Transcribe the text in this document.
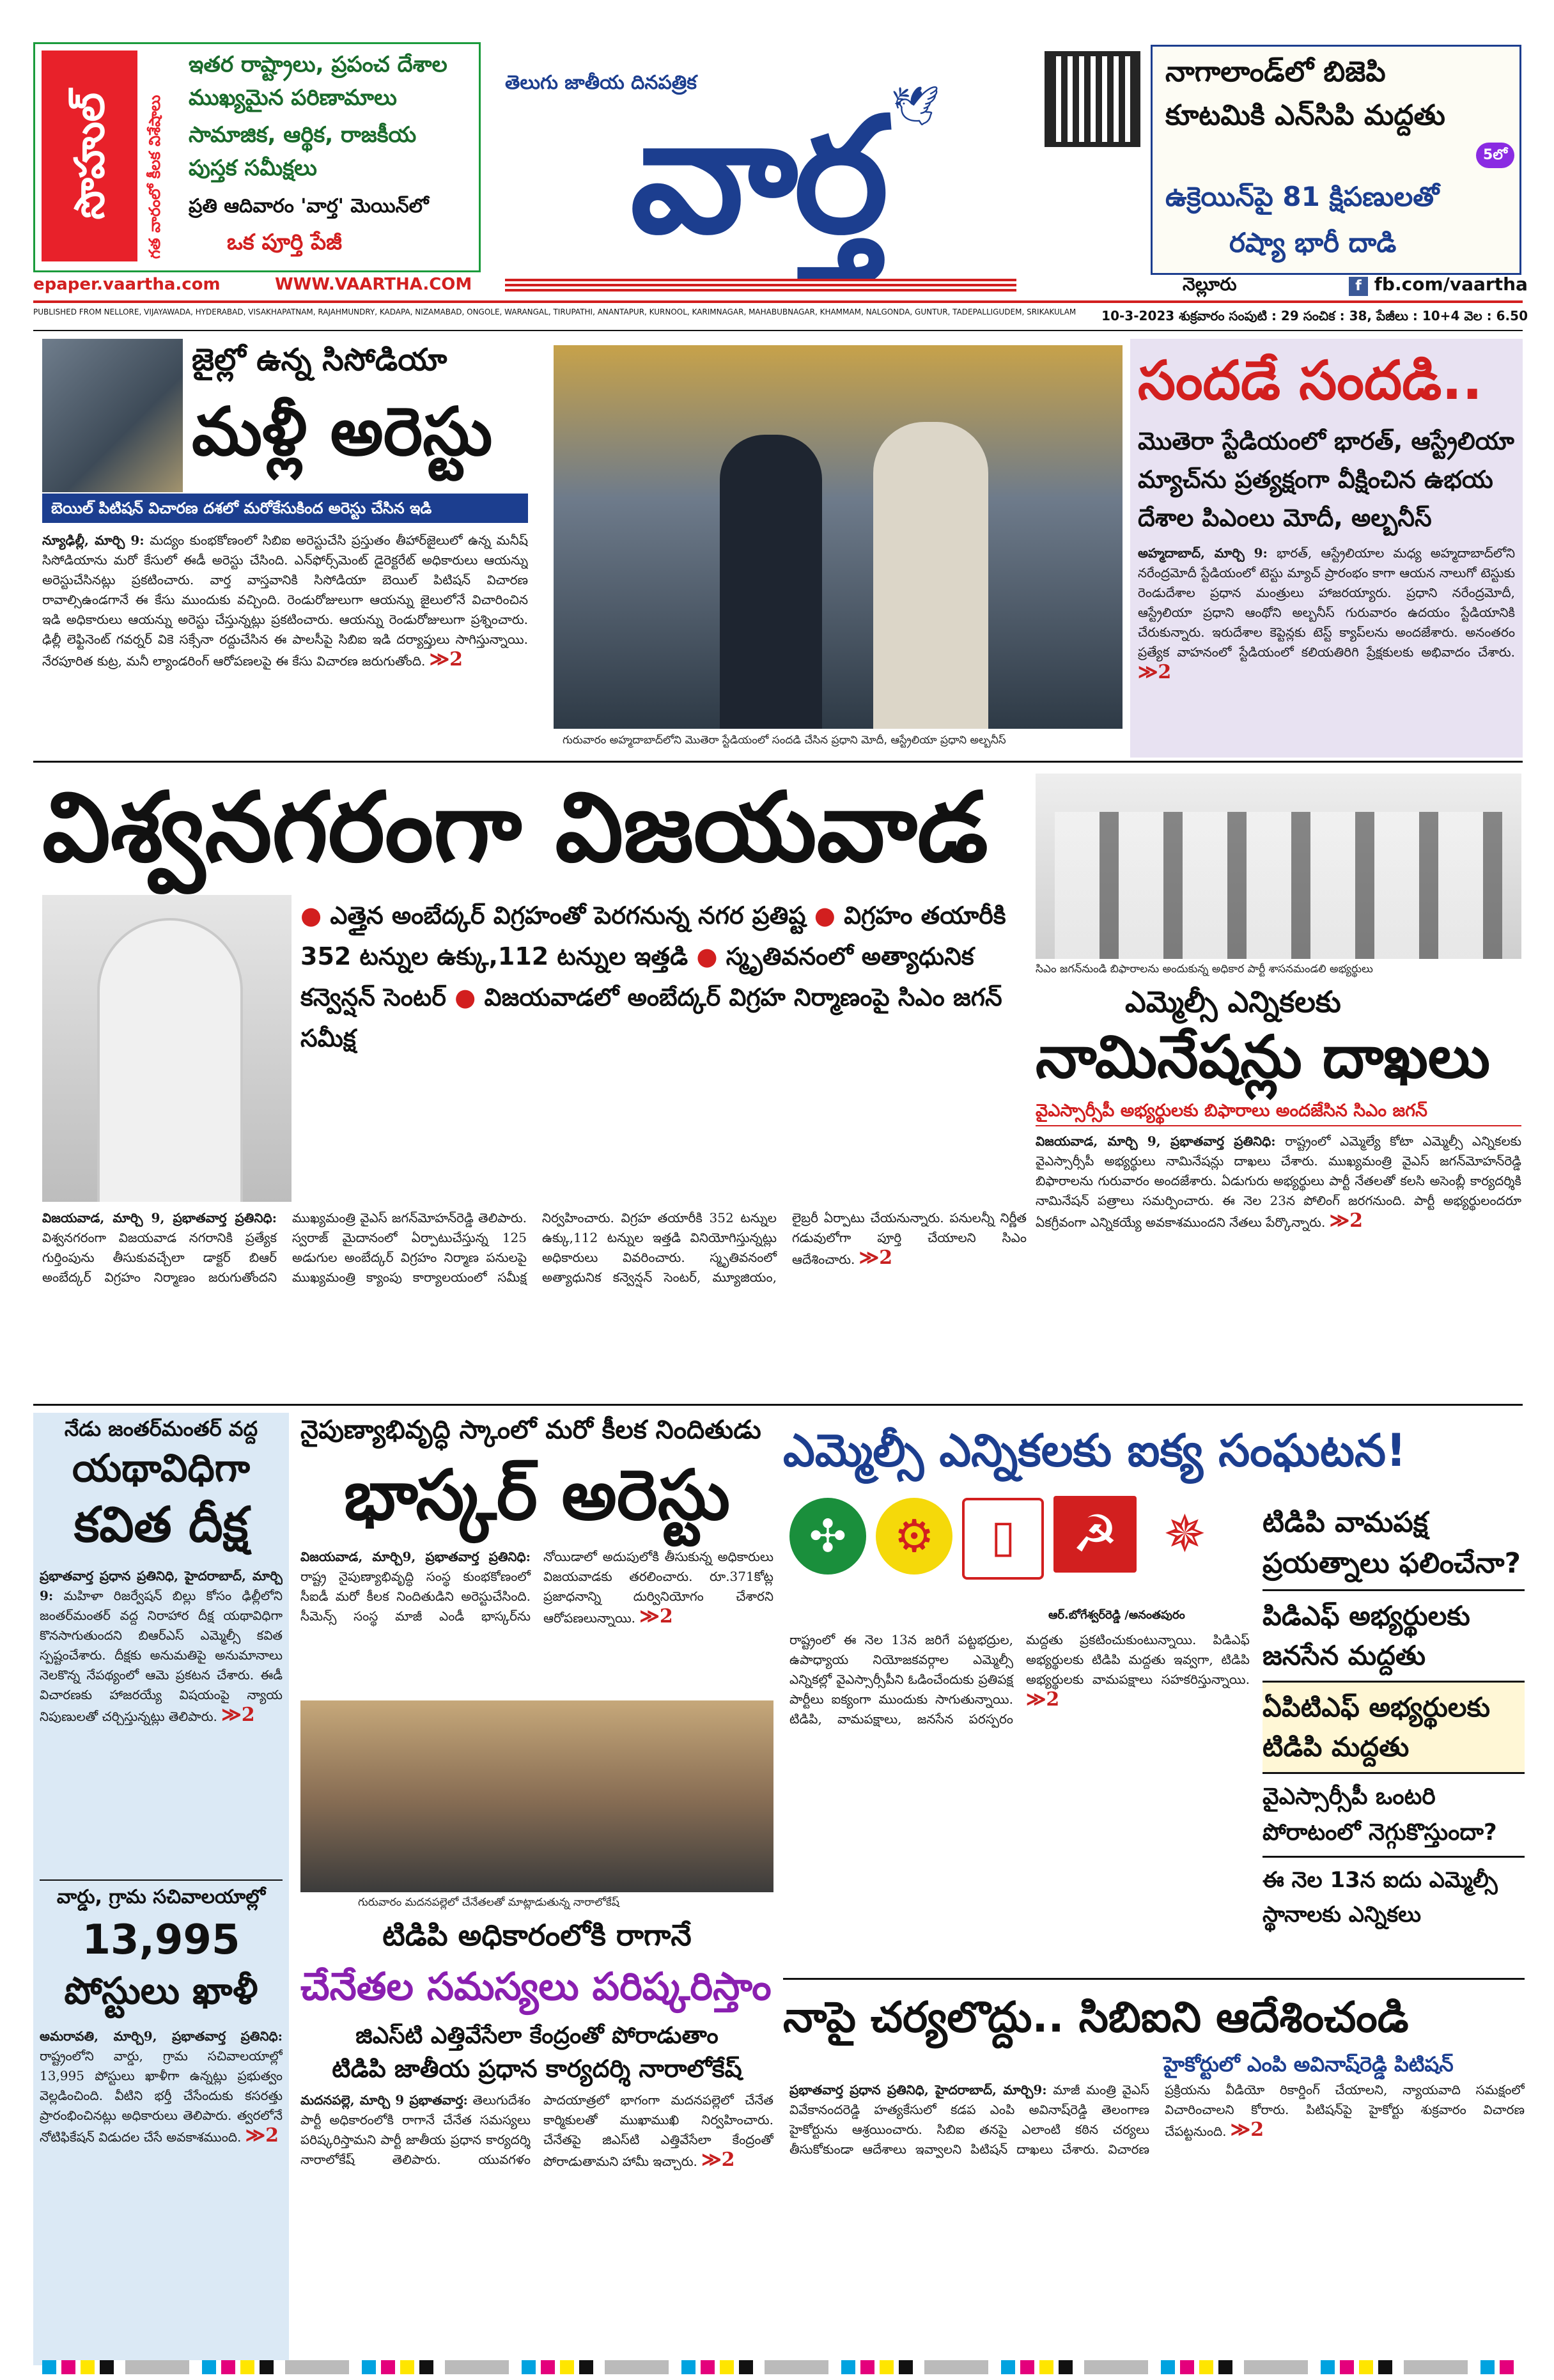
సొహుల్ గత వారంలో కీలక విశేషాలు
ఇతర రాష్ట్రాలు, ప్రపంచ దేశాల
ముఖ్యమైన పరిణామాలు
సామాజిక, ఆర్థిక, రాజకీయ
పుస్తక సమీక్షలు
ప్రతి ఆదివారం 'వార్త' మెయిన్‌లో
ఒక పూర్తి పేజీ
తెలుగు జాతీయ దినపత్రిక
వార్త 🕊
నాగాలాండ్‌లో బిజెపి
కూటమికి ఎన్‌సిపి మద్దతు
5లో
ఉక్రెయిన్‌పై 81 క్షిపణులతో
రష్యా భారీ దాడి
epaper.vaartha.com	WWW.VAARTHA.COM	నెల్లూరు	f fb.com/vaartha
PUBLISHED FROM NELLORE, VIJAYAWADA, HYDERABAD, VISAKHAPATNAM, RAJAHMUNDRY, KADAPA, NIZAMABAD, ONGOLE, WARANGAL, TIRUPATHI, ANANTAPUR, KURNOOL, KARIMNAGAR, MAHABUBNAGAR, KHAMMAM, NALGONDA, GUNTUR, TADEPALLIGUDEM, SRIKAKULAM	10-3-2023 శుక్రవారం సంపుటి : 29 సంచిక : 38, పేజీలు : 10+4 వెల : 6.50
జైల్లో ఉన్న సిసోడియా
మళ్లీ అరెస్టు
బెయిల్ పిటిషన్ విచారణ దశలో మరోకేసుకింద అరెస్టు చేసిన ఇడి
న్యూఢిల్లీ, మార్చి 9: మద్యం కుంభకోణంలో సిబిఐ అరెస్టుచేసి ప్రస్తుతం తీహార్‌జైలులో ఉన్న మనీష్ సిసోడియాను మరో కేసులో ఈడీ అరెస్టు చేసింది. ఎన్‌ఫోర్స్‌మెంట్ డైరెక్టరేట్ అధికారులు ఆయన్ను అరెస్టుచేసినట్లు ప్రకటించారు. వార్త వాస్తవానికి సిసోడియా బెయిల్ పిటిషన్ విచారణ రావాల్సిఉండగానే ఈ కేసు ముందుకు వచ్చింది. రెండురోజులుగా ఆయన్ను జైలులోనే విచారించిన ఇడి అధికారులు ఆయన్ను అరెస్టు చేస్తున్నట్లు ప్రకటించారు. ఆయన్ను రెండురోజులుగా ప్రశ్నించారు. ఢిల్లీ లెఫ్టినెంట్ గవర్నర్ వికె సక్సేనా రద్దుచేసిన ఈ పాలసీపై సిబిఐ ఇడి దర్యాప్తులు సాగిస్తున్నాయి. నేరపూరిత కుట్ర, మనీ ల్యాండరింగ్ ఆరోపణలపై ఈ కేసు విచారణ జరుగుతోంది. ≫2
గురువారం అహ్మదాబాద్‌లోని మొతెరా స్టేడియంలో సందడి చేసిన ప్రధాని మోదీ, ఆస్ట్రేలియా ప్రధాని అల్బనీస్
సందడే సందడి..
మొతెరా స్టేడియంలో భారత్, ఆస్ట్రేలియా మ్యాచ్‌ను ప్రత్యక్షంగా వీక్షించిన ఉభయ దేశాల పిఎంలు మోదీ, అల్బనీస్
అహ్మదాబాద్, మార్చి 9: భారత్, ఆస్ట్రేలియాల మధ్య అహ్మదాబాద్‌లోని నరేంద్రమోదీ స్టేడియంలో టెస్టు మ్యాచ్ ప్రారంభం కాగా ఆయన నాలుగో టెస్టుకు రెండుదేశాల ప్రధాన మంత్రులు హాజరయ్యారు. ప్రధాని నరేంద్రమోదీ, ఆస్ట్రేలియా ప్రధాని ఆంథోని అల్బనీస్ గురువారం ఉదయం స్టేడియానికి చేరుకున్నారు. ఇరుదేశాల కెప్టెన్లకు టెస్ట్ క్యాప్‌లను అందజేశారు. అనంతరం ప్రత్యేక వాహనంలో స్టేడియంలో కలియతిరిగి ప్రేక్షకులకు అభివాదం చేశారు. ≫2
విశ్వనగరంగా విజయవాడ
● ఎత్తైన అంబేద్కర్ విగ్రహంతో పెరగనున్న నగర ప్రతిష్ట ● విగ్రహం తయారీకి 352 టన్నుల ఉక్కు,112 టన్నుల ఇత్తడి ● స్మృతివనంలో అత్యాధునిక కన్వెన్షన్ సెంటర్ ● విజయవాడలో అంబేద్కర్ విగ్రహ నిర్మాణంపై సిఎం జగన్ సమీక్ష
విజయవాడ, మార్చి 9, ప్రభాతవార్త ప్రతినిధి: విశ్వనగరంగా విజయవాడ నగరానికి ప్రత్యేక గుర్తింపును తీసుకువచ్చేలా డాక్టర్ బిఆర్ అంబేద్కర్ విగ్రహం నిర్మాణం జరుగుతోందని ముఖ్యమంత్రి వైఎస్ జగన్‌మోహన్‌రెడ్డి తెలిపారు. స్వరాజ్ మైదానంలో ఏర్పాటుచేస్తున్న 125 అడుగుల అంబేద్కర్ విగ్రహం నిర్మాణ పనులపై ముఖ్యమంత్రి క్యాంపు కార్యాలయంలో సమీక్ష నిర్వహించారు. విగ్రహ తయారీకి 352 టన్నుల ఉక్కు,112 టన్నుల ఇత్తడి వినియోగిస్తున్నట్లు అధికారులు వివరించారు. స్మృతివనంలో అత్యాధునిక కన్వెన్షన్ సెంటర్, మ్యూజియం, లైబ్రరీ ఏర్పాటు చేయనున్నారు. పనులన్నీ నిర్ణీత గడువులోగా పూర్తి చేయాలని సిఎం ఆదేశించారు. ≫2
సిఎం జగన్‌నుండి బిఫారాలను అందుకున్న అధికార పార్టీ శాసనమండలి అభ్యర్థులు
ఎమ్మెల్సీ ఎన్నికలకు
నామినేషన్లు దాఖలు
వైఎస్సార్సీపీ అభ్యర్థులకు బిఫారాలు అందజేసిన సిఎం జగన్
విజయవాడ, మార్చి 9, ప్రభాతవార్త ప్రతినిధి: రాష్ట్రంలో ఎమ్మెల్యే కోటా ఎమ్మెల్సీ ఎన్నికలకు వైఎస్సార్సీపీ అభ్యర్థులు నామినేషన్లు దాఖలు చేశారు. ముఖ్యమంత్రి వైఎస్ జగన్‌మోహన్‌రెడ్డి బిఫారాలను గురువారం అందజేశారు. ఏడుగురు అభ్యర్థులు పార్టీ నేతలతో కలసి అసెంబ్లీ కార్యదర్శికి నామినేషన్ పత్రాలు సమర్పించారు. ఈ నెల 23న పోలింగ్ జరగనుంది. పార్టీ అభ్యర్థులందరూ ఏకగ్రీవంగా ఎన్నికయ్యే అవకాశముందని నేతలు పేర్కొన్నారు. ≫2
నేడు జంతర్‌మంతర్ వద్ద
యథావిధిగా
కవిత దీక్ష
ప్రభాతవార్త ప్రధాన ప్రతినిధి, హైదరాబాద్, మార్చి 9: మహిళా రిజర్వేషన్ బిల్లు కోసం ఢిల్లీలోని జంతర్‌మంతర్ వద్ద నిరాహార దీక్ష యథావిధిగా కొనసాగుతుందని బిఆర్‌ఎస్ ఎమ్మెల్సీ కవిత స్పష్టంచేశారు. దీక్షకు అనుమతిపై అనుమానాలు నెలకొన్న నేపథ్యంలో ఆమె ప్రకటన చేశారు. ఈడీ విచారణకు హాజరయ్యే విషయంపై న్యాయ నిపుణులతో చర్చిస్తున్నట్లు తెలిపారు. ≫2
వార్డు, గ్రామ సచివాలయాల్లో
13,995
పోస్టులు ఖాళీ
అమరావతి, మార్చి9, ప్రభాతవార్త ప్రతినిధి: రాష్ట్రంలోని వార్డు, గ్రామ సచివాలయాల్లో 13,995 పోస్టులు ఖాళీగా ఉన్నట్లు ప్రభుత్వం వెల్లడించింది. వీటిని భర్తీ చేసేందుకు కసరత్తు ప్రారంభించినట్లు అధికారులు తెలిపారు. త్వరలోనే నోటిఫికేషన్ విడుదల చేసే అవకాశముంది. ≫2
నైపుణ్యాభివృద్ధి స్కాంలో మరో కీలక నిందితుడు
భాస్కర్ అరెస్టు
విజయవాడ, మార్చి9, ప్రభాతవార్త ప్రతినిధి: రాష్ట్ర నైపుణ్యాభివృద్ధి సంస్థ కుంభకోణంలో సీఐడీ మరో కీలక నిందితుడిని అరెస్టుచేసింది. సీమెన్స్ సంస్థ మాజీ ఎండీ భాస్కర్‌ను నోయిడాలో అదుపులోకి తీసుకున్న అధికారులు విజయవాడకు తరలించారు. రూ.371కోట్ల ప్రజాధనాన్ని దుర్వినియోగం చేశారని ఆరోపణలున్నాయి. ≫2
గురువారం మదనపల్లెలో చేనేతలతో మాట్లాడుతున్న నారాలోకేష్
టిడిపి అధికారంలోకి రాగానే
చేనేతల సమస్యలు పరిష్కరిస్తాం
జిఎస్‌టి ఎత్తివేసేలా కేంద్రంతో పోరాడుతాం
టిడిపి జాతీయ ప్రధాన కార్యదర్శి నారాలోకేష్
మదనపల్లె, మార్చి 9 ప్రభాతవార్త: తెలుగుదేశం పార్టీ అధికారంలోకి రాగానే చేనేత సమస్యలు పరిష్కరిస్తామని పార్టీ జాతీయ ప్రధాన కార్యదర్శి నారాలోకేష్ తెలిపారు. యువగళం పాదయాత్రలో భాగంగా మదనపల్లెలో చేనేత కార్మికులతో ముఖాముఖి నిర్వహించారు. చేనేతపై జిఎస్‌టి ఎత్తివేసేలా కేంద్రంతో పోరాడుతామని హామీ ఇచ్చారు. ≫2
ఎమ్మెల్సీ ఎన్నికలకు ఐక్య సంఘటన!
✣ ⚙ ▯ ☭ ✵
ఆర్.బోగేశ్వర్‌రెడ్డి /అనంతపురం
రాష్ట్రంలో ఈ నెల 13న జరిగే పట్టభద్రుల, ఉపాధ్యాయ నియోజకవర్గాల ఎమ్మెల్సీ ఎన్నికల్లో వైఎస్సార్సీపీని ఓడించేందుకు ప్రతిపక్ష పార్టీలు ఐక్యంగా ముందుకు సాగుతున్నాయి. టిడిపి, వామపక్షాలు, జనసేన పరస్పరం మద్దతు ప్రకటించుకుంటున్నాయి. పిడిఎఫ్ అభ్యర్థులకు టిడిపి మద్దతు ఇవ్వగా, టిడిపి అభ్యర్థులకు వామపక్షాలు సహకరిస్తున్నాయి. ≫2
టిడిపి వామపక్ష ప్రయత్నాలు ఫలించేనా?
పిడిఎఫ్ అభ్యర్థులకు జనసేన మద్దతు
ఏపిటిఎఫ్ అభ్యర్థులకు టిడిపి మద్దతు
వైఎస్సార్సీపీ ఒంటరి పోరాటంలో నెగ్గుకొస్తుందా?
ఈ నెల 13న ఐదు ఎమ్మెల్సీ స్థానాలకు ఎన్నికలు
నాపై చర్యలొద్దు.. సిబిఐని ఆదేశించండి
హైకోర్టులో ఎంపి అవినాష్‌రెడ్డి పిటిషన్
ప్రభాతవార్త ప్రధాన ప్రతినిధి, హైదరాబాద్, మార్చి9: మాజీ మంత్రి వైఎస్ వివేకానందరెడ్డి హత్యకేసులో కడప ఎంపి అవినాష్‌రెడ్డి తెలంగాణ హైకోర్టును ఆశ్రయించారు. సిబిఐ తనపై ఎలాంటి కఠిన చర్యలు తీసుకోకుండా ఆదేశాలు ఇవ్వాలని పిటిషన్ దాఖలు చేశారు. విచారణ ప్రక్రియను వీడియో రికార్డింగ్ చేయాలని, న్యాయవాది సమక్షంలో విచారించాలని కోరారు. పిటిషన్‌పై హైకోర్టు శుక్రవారం విచారణ చేపట్టనుంది. ≫2
